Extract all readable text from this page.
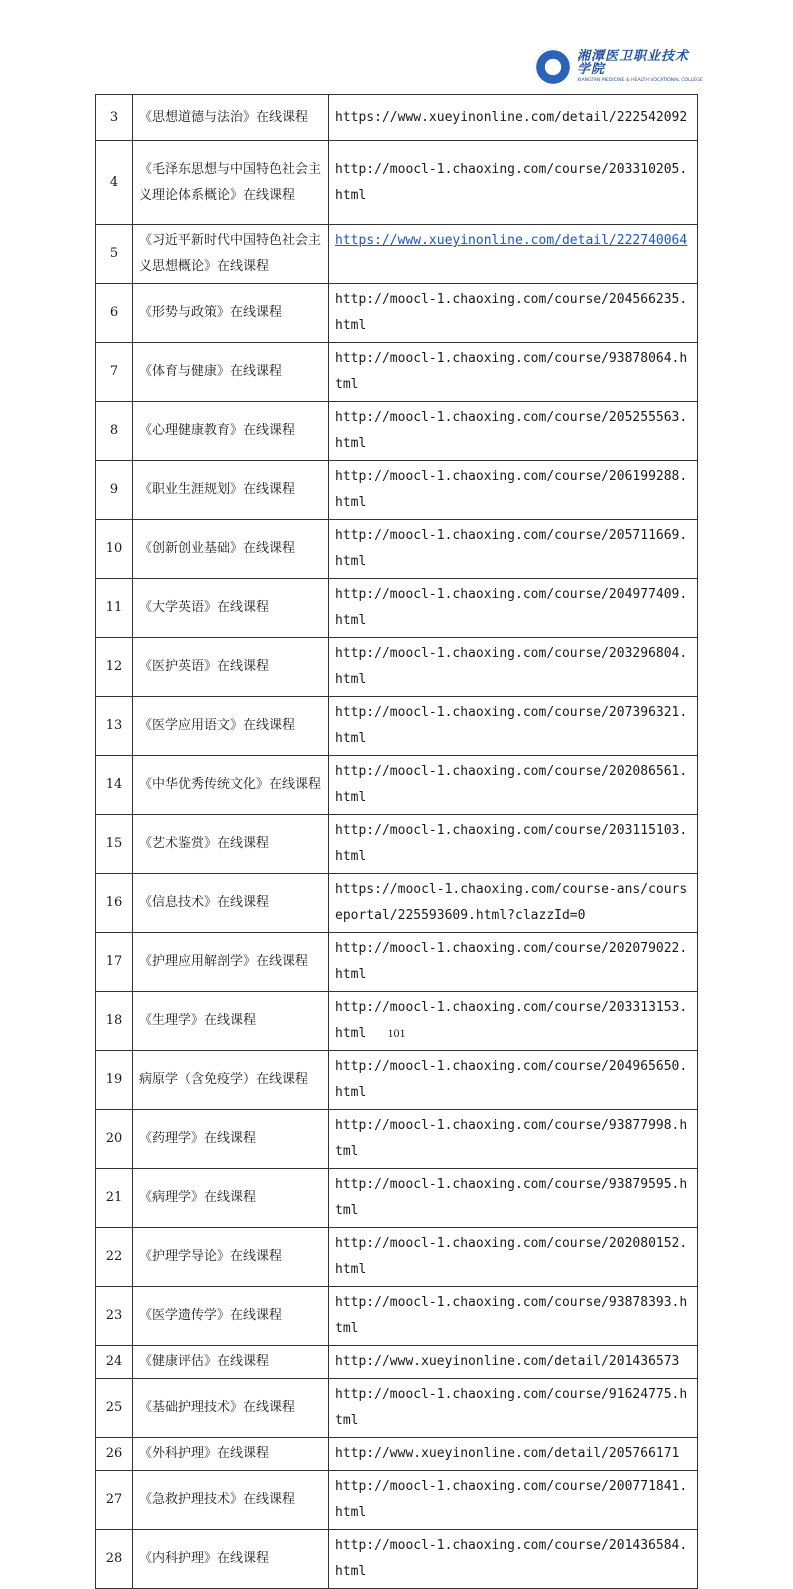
湘潭医卫职业技术学院
XIANGTAN MEDICINE & HEALTH VOCATIONAL COLLEGE
3	《思想道德与法治》在线课程	https://www.xueyinonline.com/detail/222542092
4	《毛泽东思想与中国特色社会主义理论体系概论》在线课程	http://moocl-1.chaoxing.com/course/203310205.html
5	《习近平新时代中国特色社会主义思想概论》在线课程	https://www.xueyinonline.com/detail/222740064
6	《形势与政策》在线课程	http://moocl-1.chaoxing.com/course/204566235.html
7	《体育与健康》在线课程	http://moocl-1.chaoxing.com/course/93878064.html
8	《心理健康教育》在线课程	http://moocl-1.chaoxing.com/course/205255563.html
9	《职业生涯规划》在线课程	http://moocl-1.chaoxing.com/course/206199288.html
10	《创新创业基础》在线课程	http://moocl-1.chaoxing.com/course/205711669.html
11	《大学英语》在线课程	http://moocl-1.chaoxing.com/course/204977409.html
12	《医护英语》在线课程	http://moocl-1.chaoxing.com/course/203296804.html
13	《医学应用语文》在线课程	http://moocl-1.chaoxing.com/course/207396321.html
14	《中华优秀传统文化》在线课程	http://moocl-1.chaoxing.com/course/202086561.html
15	《艺术鉴赏》在线课程	http://moocl-1.chaoxing.com/course/203115103.html
16	《信息技术》在线课程	https://moocl-1.chaoxing.com/course-ans/courseportal/225593609.html?clazzId=0
17	《护理应用解剖学》在线课程	http://moocl-1.chaoxing.com/course/202079022.html
18	《生理学》在线课程	http://moocl-1.chaoxing.com/course/203313153.html
19	病原学（含免疫学）在线课程	http://moocl-1.chaoxing.com/course/204965650.html
20	《药理学》在线课程	http://moocl-1.chaoxing.com/course/93877998.html
21	《病理学》在线课程	http://moocl-1.chaoxing.com/course/93879595.html
22	《护理学导论》在线课程	http://moocl-1.chaoxing.com/course/202080152.html
23	《医学遗传学》在线课程	http://moocl-1.chaoxing.com/course/93878393.html
24	《健康评估》在线课程	http://www.xueyinonline.com/detail/201436573
25	《基础护理技术》在线课程	http://moocl-1.chaoxing.com/course/91624775.html
26	《外科护理》在线课程	http://www.xueyinonline.com/detail/205766171
27	《急救护理技术》在线课程	http://moocl-1.chaoxing.com/course/200771841.html
28	《内科护理》在线课程	http://moocl-1.chaoxing.com/course/201436584.html
101
